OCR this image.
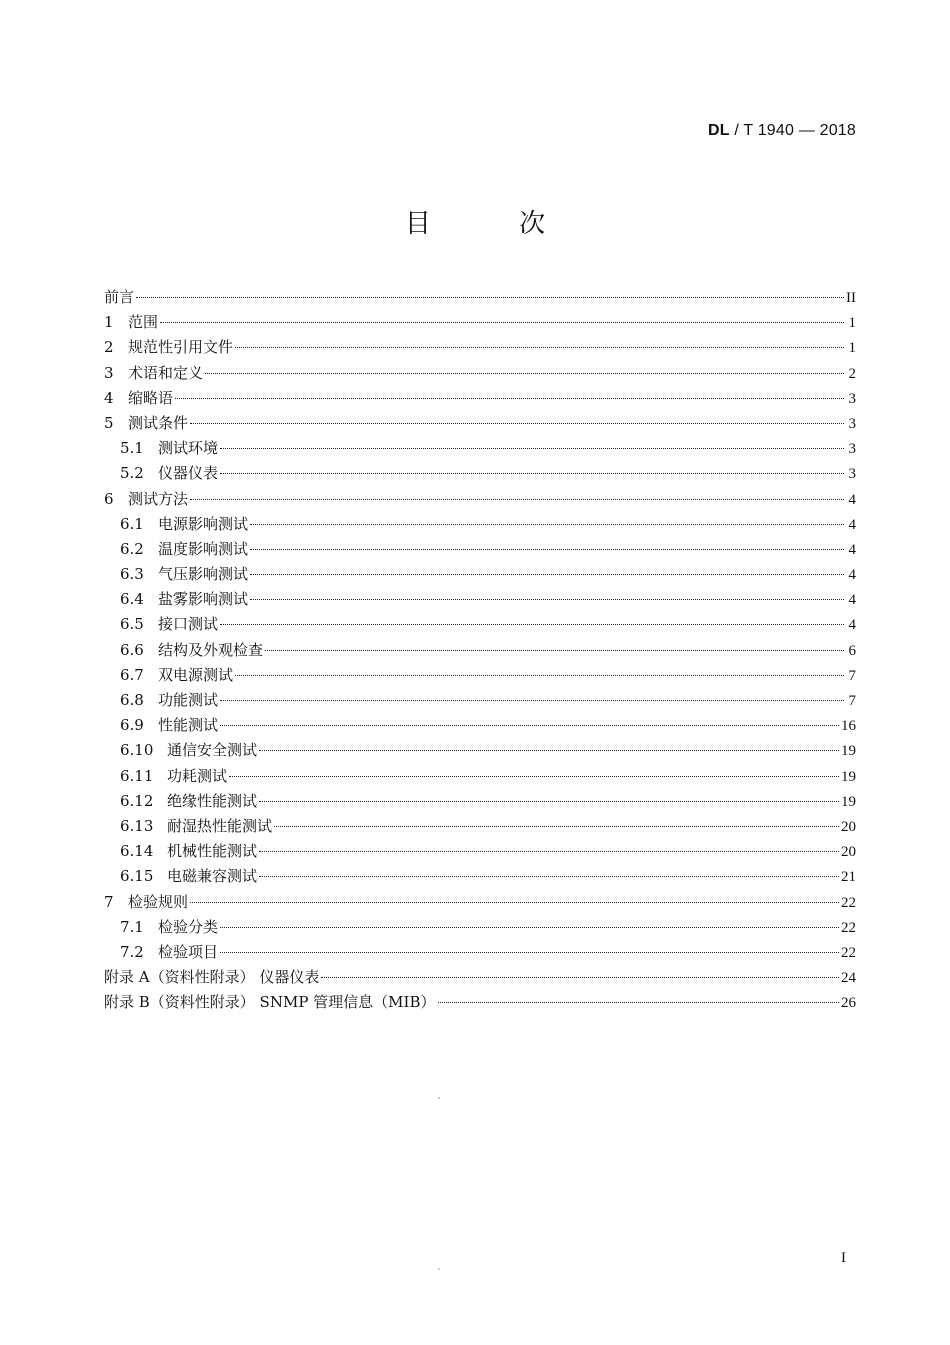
DL / T 1940 — 2018
目 次
前言	II
1 范围	1
2 规范性引用文件	1
3 术语和定义	2
4 缩略语	3
5 测试条件	3
5.1 测试环境	3
5.2 仪器仪表	3
6 测试方法	4
6.1 电源影响测试	4
6.2 温度影响测试	4
6.3 气压影响测试	4
6.4 盐雾影响测试	4
6.5 接口测试	4
6.6 结构及外观检查	6
6.7 双电源测试	7
6.8 功能测试	7
6.9 性能测试	16
6.10 通信安全测试	19
6.11 功耗测试	19
6.12 绝缘性能测试	19
6.13 耐湿热性能测试	20
6.14 机械性能测试	20
6.15 电磁兼容测试	21
7 检验规则	22
7.1 检验分类	22
7.2 检验项目	22
附录 A（资料性附录） 仪器仪表	24
附录 B（资料性附录） SNMP 管理信息（MIB）	26
I
